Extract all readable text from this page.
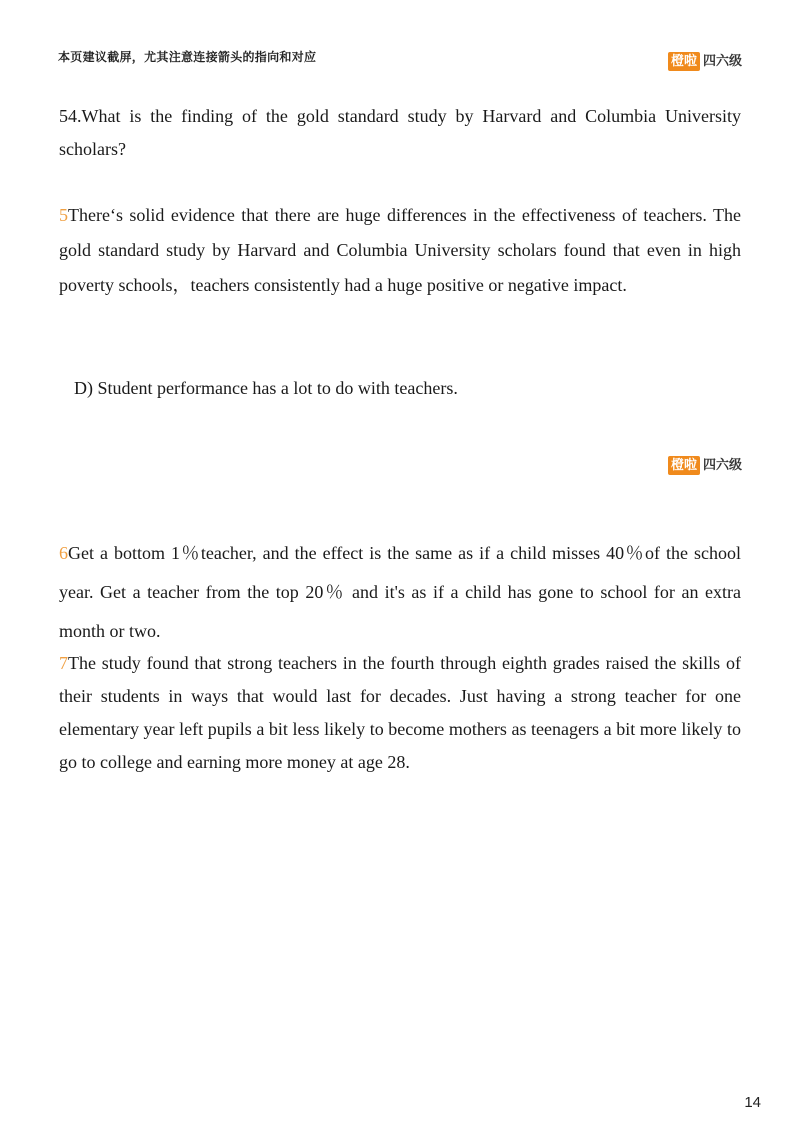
本页建议截屏，尤其注意连接箭头的指向和对应	橙啦 四六级
54.What is the finding of the gold standard study by Harvard and Columbia University scholars?
5There‘s solid evidence that there are huge differences in the effectiveness of teachers. The gold standard study by Harvard and Columbia University scholars found that even in high poverty schools，teachers consistently had a huge positive or negative impact.
D) Student performance has a lot to do with teachers.
橙啦 四六级
6Get a bottom 1％teacher, and the effect is the same as if a child misses 40％of the school year. Get a teacher from the top 20％ and it's as if a child has gone to school for an extra month or two.
7The study found that strong teachers in the fourth through eighth grades raised the skills of their students in ways that would last for decades. Just having a strong teacher for one elementary year left pupils a bit less likely to become mothers as teenagers a bit more likely to go to college and earning more money at age 28.
14
